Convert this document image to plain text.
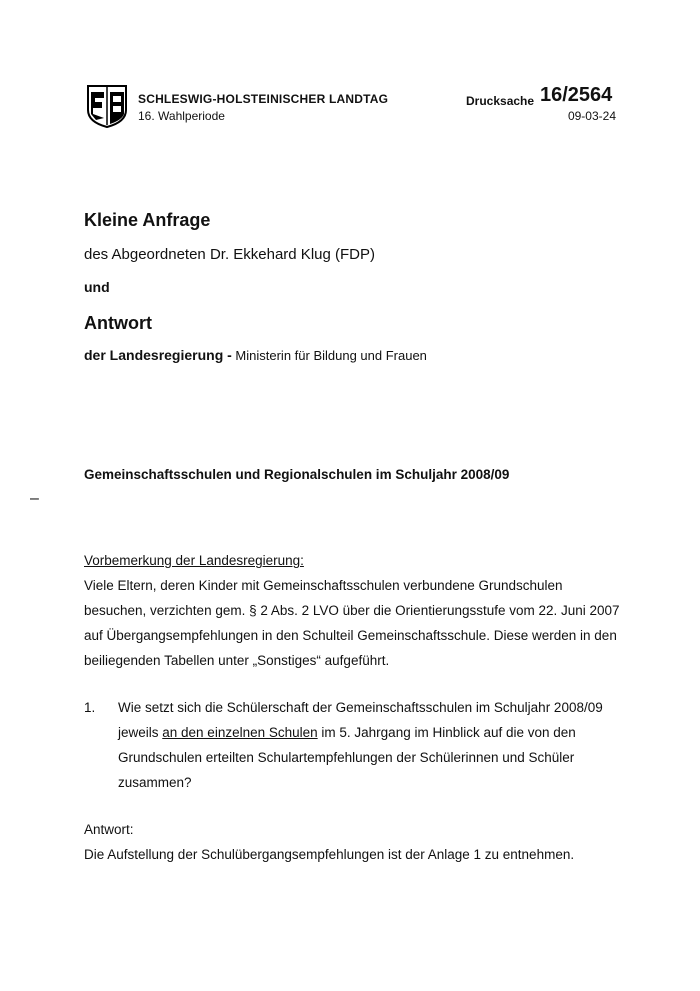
SCHLESWIG-HOLSTEINISCHER LANDTAG
16. Wahlperiode
Drucksache 16/2564
09-03-24
Kleine Anfrage
des Abgeordneten Dr. Ekkehard Klug (FDP)
und
Antwort
der Landesregierung - Ministerin für Bildung und Frauen
Gemeinschaftsschulen und Regionalschulen im Schuljahr 2008/09
–
Vorbemerkung der Landesregierung:
Viele Eltern, deren Kinder mit Gemeinschaftsschulen verbundene Grundschulen besuchen, verzichten gem. § 2 Abs. 2 LVO über die Orientierungsstufe vom 22. Juni 2007 auf Übergangsempfehlungen in den Schulteil Gemeinschaftsschule. Diese werden in den beiliegenden Tabellen unter „Sonstiges“ aufgeführt.
1. Wie setzt sich die Schülerschaft der Gemeinschaftsschulen im Schuljahr 2008/09 jeweils an den einzelnen Schulen im 5. Jahrgang im Hinblick auf die von den Grundschulen erteilten Schulartempfehlungen der Schülerinnen und Schüler zusammen?
Antwort:
Die Aufstellung der Schulübergangsempfehlungen ist der Anlage 1 zu entnehmen.
